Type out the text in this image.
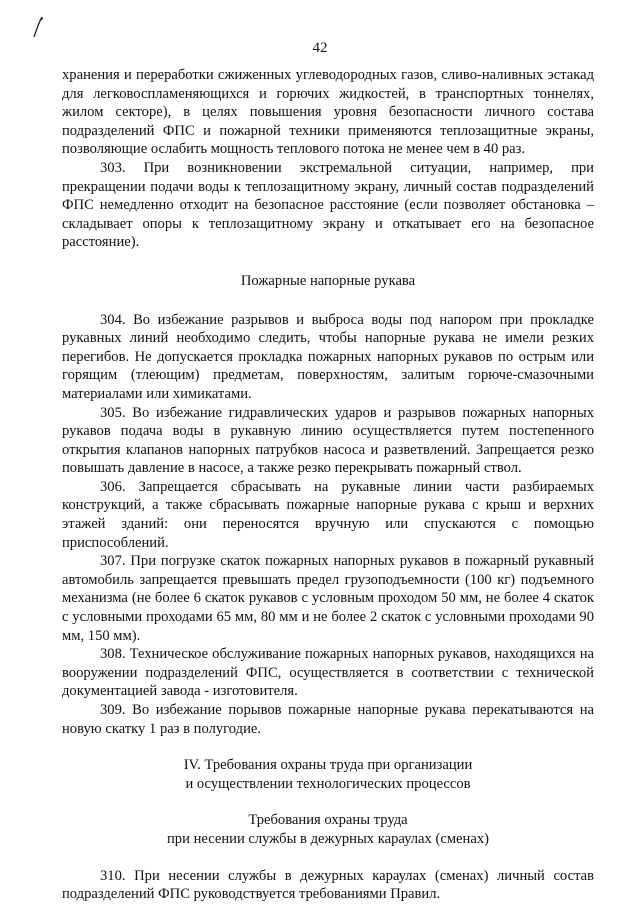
42

хранения и переработки сжиженных углеводородных газов, сливо-наливных эстакад для легковоспламеняющихся и горючих жидкостей, в транспортных тоннелях, жилом секторе), в целях повышения уровня безопасности личного состава подразделений ФПС и пожарной техники применяются теплозащитные экраны, позволяющие ослабить мощность теплового потока не менее чем в 40 раз.

303. При возникновении экстремальной ситуации, например, при прекращении подачи воды к теплозащитному экрану, личный состав подразделений ФПС немедленно отходит на безопасное расстояние (если позволяет обстановка – складывает опоры к теплозащитному экрану и откатывает его на безопасное расстояние).

Пожарные напорные рукава

304. Во избежание разрывов и выброса воды под напором при прокладке рукавных линий необходимо следить, чтобы напорные рукава не имели резких перегибов. Не допускается прокладка пожарных напорных рукавов по острым или горящим (тлеющим) предметам, поверхностям, залитым горюче-смазочными материалами или химикатами.

305. Во избежание гидравлических ударов и разрывов пожарных напорных рукавов подача воды в рукавную линию осуществляется путем постепенного открытия клапанов напорных патрубков насоса и разветвлений. Запрещается резко повышать давление в насосе, а также резко перекрывать пожарный ствол.

306. Запрещается сбрасывать на рукавные линии части разбираемых конструкций, а также сбрасывать пожарные напорные рукава с крыш и верхних этажей зданий: они переносятся вручную или спускаются с помощью приспособлений.

307. При погрузке скаток пожарных напорных рукавов в пожарный рукавный автомобиль запрещается превышать предел грузоподъемности (100 кг) подъемного механизма (не более 6 скаток рукавов с условным проходом 50 мм, не более 4 скаток с условными проходами 65 мм, 80 мм и не более 2 скаток с условными проходами 90 мм, 150 мм).

308. Техническое обслуживание пожарных напорных рукавов, находящихся на вооружении подразделений ФПС, осуществляется в соответствии с технической документацией завода - изготовителя.

309. Во избежание порывов пожарные напорные рукава перекатываются на новую скатку 1 раз в полугодие.

IV. Требования охраны труда при организации

и осуществлении технологических процессов

Требования охраны труда

при несении службы в дежурных караулах (сменах)

310. При несении службы в дежурных караулах (сменах) личный состав подразделений ФПС руководствуется требованиями Правил.
